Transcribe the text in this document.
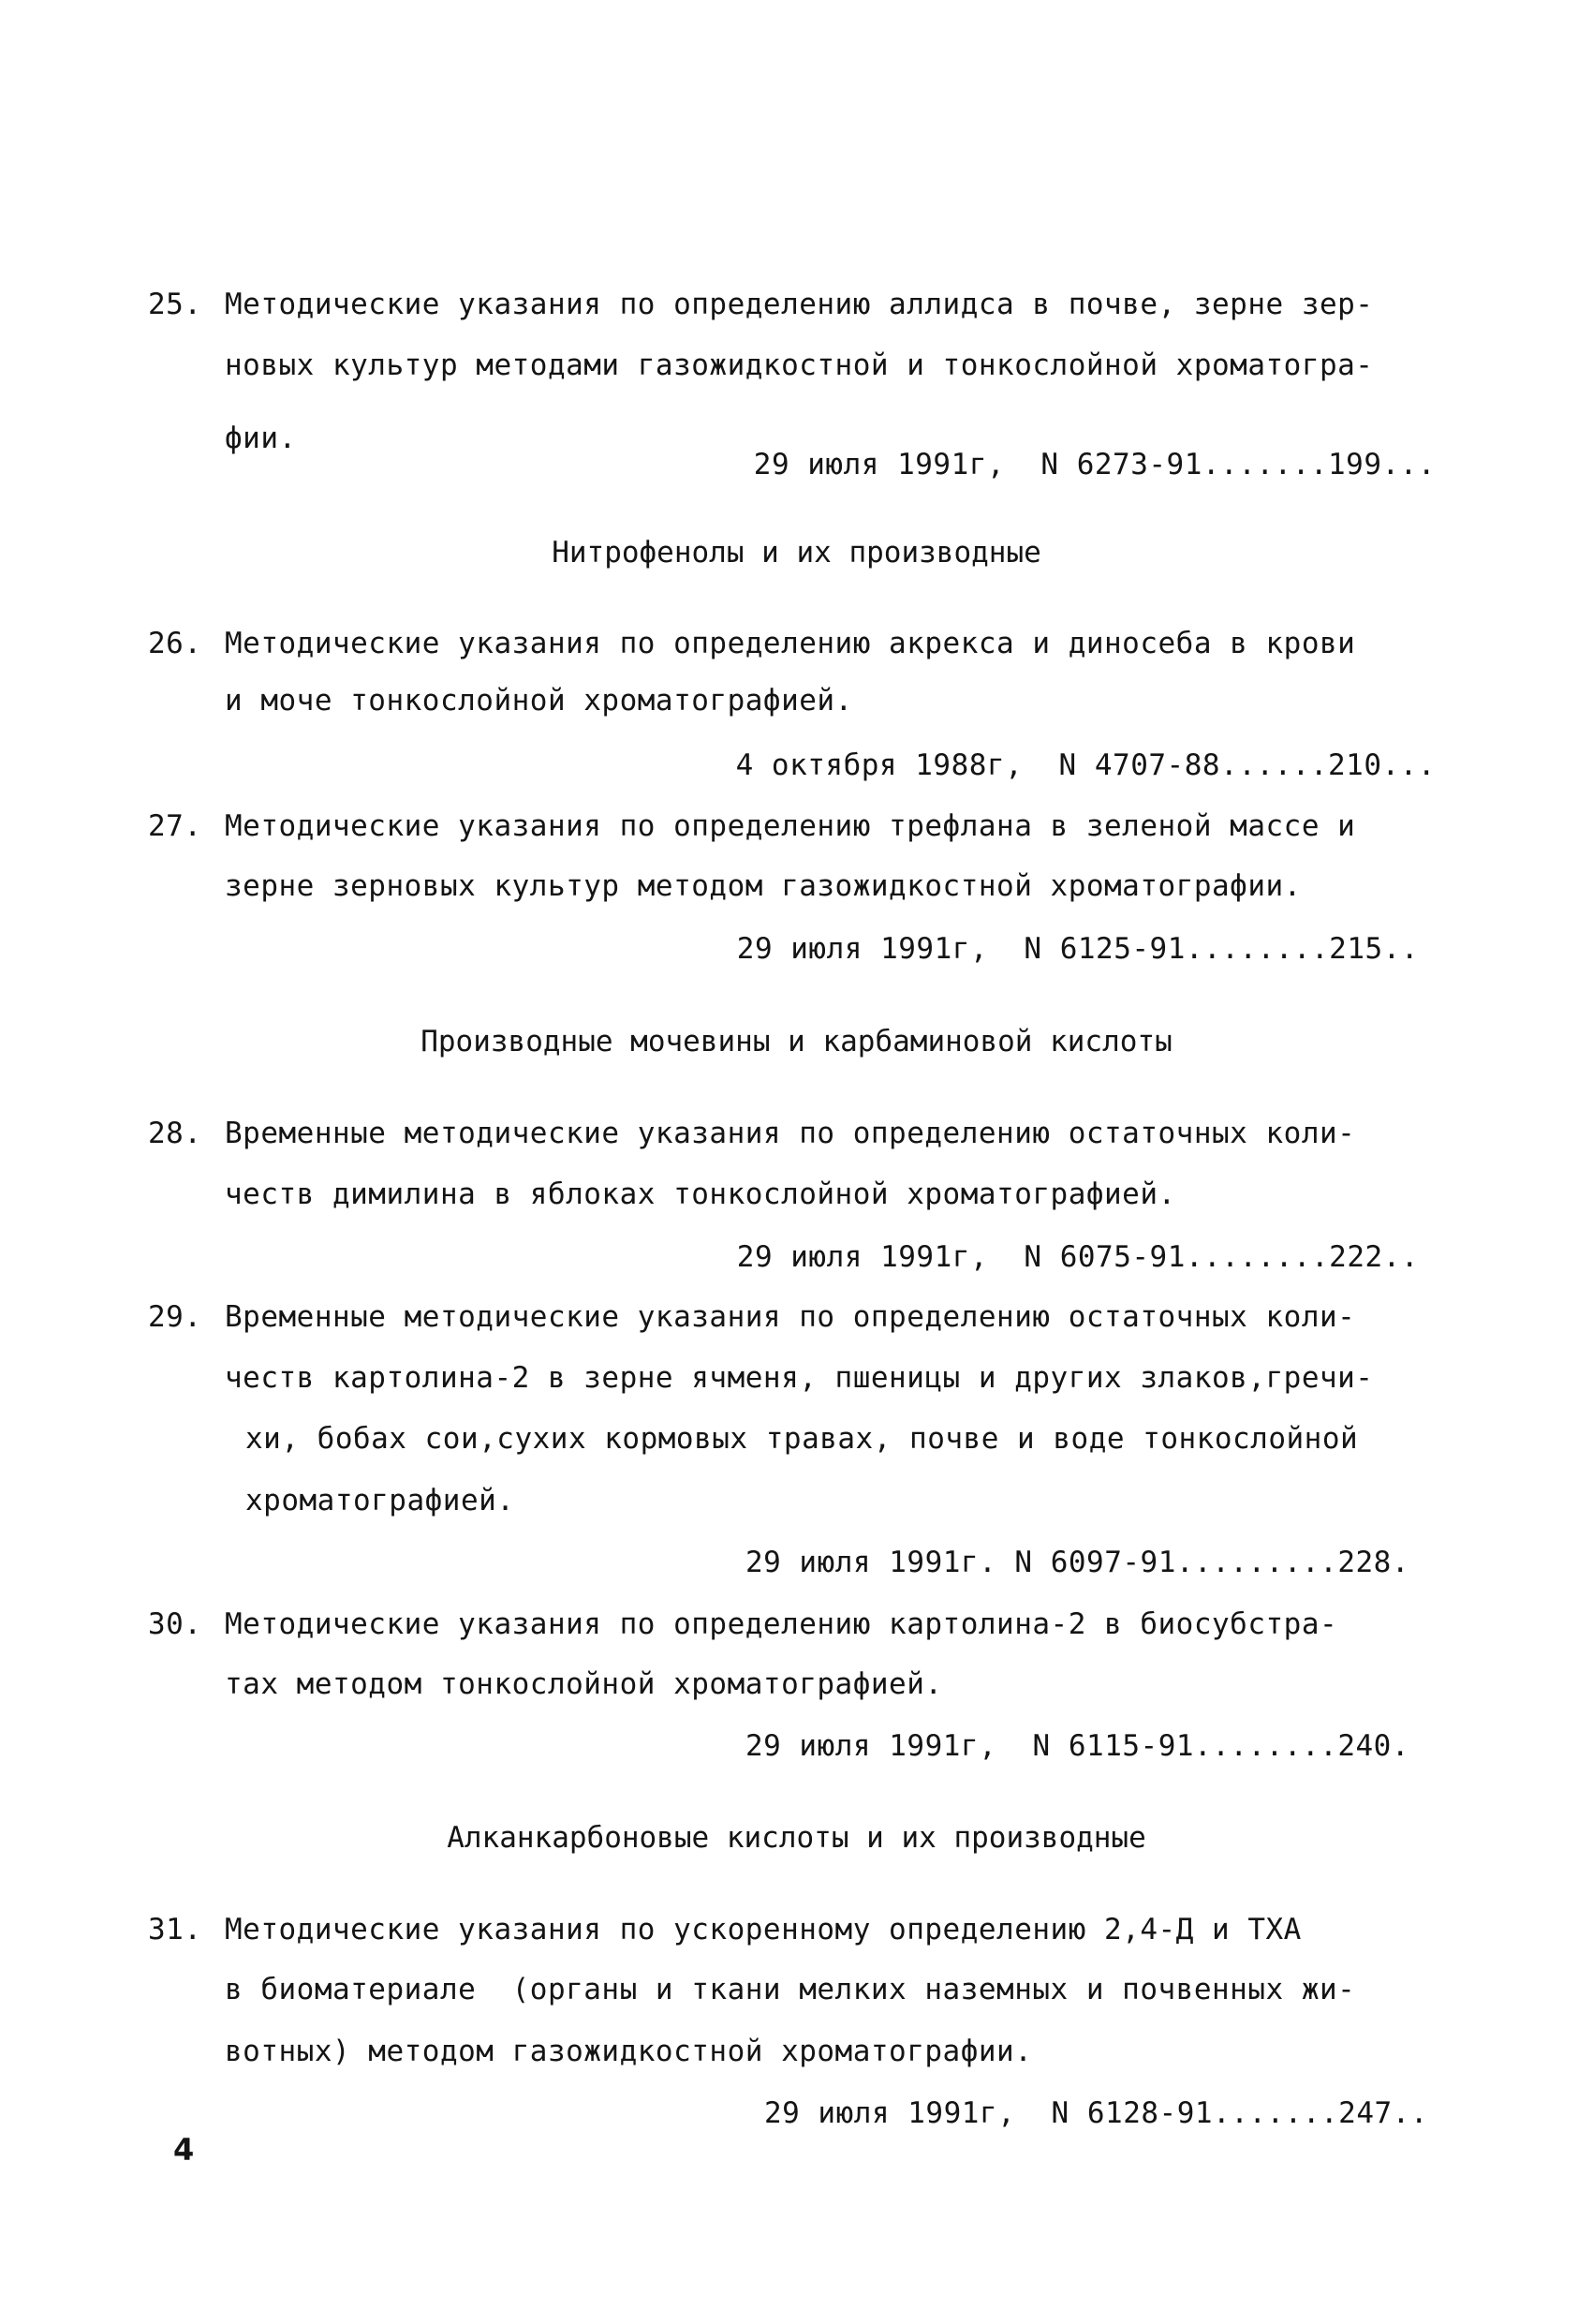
25. Методические указания по определению аллидса в почве, зерне зер-
новых культур методами газожидкостной и тонкослойной хроматогра-
фии.
29 июля 1991г,  N 6273-91.......199...
Нитрофенолы и их производные
26. Методические указания по определению акрекса и диносеба в крови
и моче тонкослойной хроматографией.
4 октября 1988г,  N 4707-88......210...
27. Методические указания по определению трефлана в зеленой массе и
зерне зерновых культур методом газожидкостной хроматографии.
29 июля 1991г,  N 6125-91........215..
Производные мочевины и карбаминовой кислоты
28. Временные методические указания по определению остаточных коли-
честв димилина в яблоках тонкослойной хроматографией.
29 июля 1991г,  N 6075-91........222..
29. Временные методические указания по определению остаточных коли-
честв картолина-2 в зерне ячменя, пшеницы и других злаков,гречи-
хи, бобах сои,сухих кормовых травах, почве и воде тонкослойной
хроматографией.
29 июля 1991г. N 6097-91.........228.
30. Методические указания по определению картолина-2 в биосубстра-
тах методом тонкослойной хроматографией.
29 июля 1991г,  N 6115-91........240.
Алканкарбоновые кислоты и их производные
31. Методические указания по ускоренному определению 2,4-Д и ТХА
в биоматериале  (органы и ткани мелких наземных и почвенных жи-
вотных) методом газожидкостной хроматографии.
29 июля 1991г,  N 6128-91.......247..
4
